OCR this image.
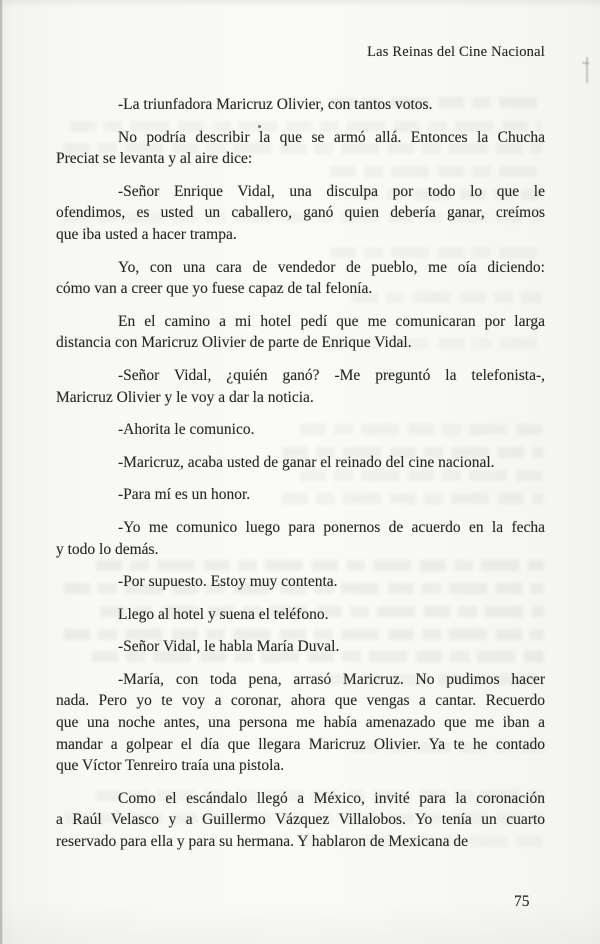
Las Reinas del Cine Nacional
-La triunfadora Maricruz Olivier, con tantos votos.
No podría describir la que se armó allá. Entonces la Chucha
Preciat se levanta y al aire dice:
-Señor Enrique Vidal, una disculpa por todo lo que le
ofendimos, es usted un caballero, ganó quien debería ganar, creímos
que iba usted a hacer trampa.
Yo, con una cara de vendedor de pueblo, me oía diciendo:
cómo van a creer que yo fuese capaz de tal felonía.
En el camino a mi hotel pedí que me comunicaran por larga
distancia con Maricruz Olivier de parte de Enrique Vidal.
-Señor Vidal, ¿quién ganó? -Me preguntó la telefonista-,
Maricruz Olivier y le voy a dar la noticia.
-Ahorita le comunico.
-Maricruz, acaba usted de ganar el reinado del cine nacional.
-Para mí es un honor.
-Yo me comunico luego para ponernos de acuerdo en la fecha
y todo lo demás.
-Por supuesto. Estoy muy contenta.
Llego al hotel y suena el teléfono.
-Señor Vidal, le habla María Duval.
-María, con toda pena, arrasó Maricruz. No pudimos hacer
nada. Pero yo te voy a coronar, ahora que vengas a cantar. Recuerdo
que una noche antes, una persona me había amenazado que me iban a
mandar a golpear el día que llegara Maricruz Olivier. Ya te he contado
que Víctor Tenreiro traía una pistola.
Como el escándalo llegó a México, invité para la coronación
a Raúl Velasco y a Guillermo Vázquez Villalobos. Yo tenía un cuarto
reservado para ella y para su hermana. Y hablaron de Mexicana de
75
